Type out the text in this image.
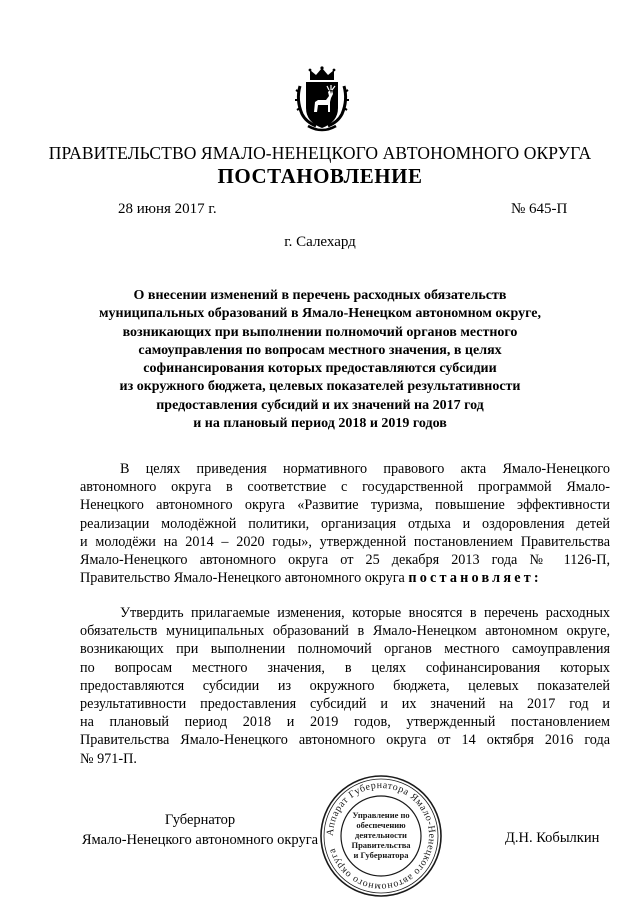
ПРАВИТЕЛЬСТВО ЯМАЛО-НЕНЕЦКОГО АВТОНОМНОГО ОКРУГА
ПОСТАНОВЛЕНИЕ
28 июня 2017 г.	№ 645-П
г. Салехард
О внесении изменений в перечень расходных обязательств
муниципальных образований в Ямало-Ненецком автономном округе,
возникающих при выполнении полномочий органов местного
самоуправления по вопросам местного значения, в целях
софинансирования которых предоставляются субсидии
из окружного бюджета, целевых показателей результативности
предоставления субсидий и их значений на 2017 год
и на плановый период 2018 и 2019 годов
В целях приведения нормативного правового акта Ямало-Ненецкого
автономного округа в соответствие с государственной программой Ямало-
Ненецкого автономного округа «Развитие туризма, повышение эффективности
реализации молодёжной политики, организация отдыха и оздоровления детей
и молодёжи на 2014 – 2020 годы», утвержденной постановлением Правительства
Ямало-Ненецкого автономного округа от 25 декабря 2013 года № 1126-П,
Правительство Ямало-Ненецкого автономного округа постановляет:
Утвердить прилагаемые изменения, которые вносятся в перечень расходных
обязательств муниципальных образований в Ямало-Ненецком автономном округе,
возникающих при выполнении полномочий органов местного самоуправления
по вопросам местного значения, в целях софинансирования которых
предоставляются субсидии из окружного бюджета, целевых показателей
результативности предоставления субсидий и их значений на 2017 год и
на плановый период 2018 и 2019 годов, утвержденный постановлением
Правительства Ямало-Ненецкого автономного округа от 14 октября 2016 года
№ 971-П.
Губернатор
Ямало-Ненецкого автономного округа	Д.Н. Кобылкин
Аппарат Губернатора Ямало-Ненецкого автономного округа
Управление по
обеспечению
деятельности
Правительства
и Губернатора
